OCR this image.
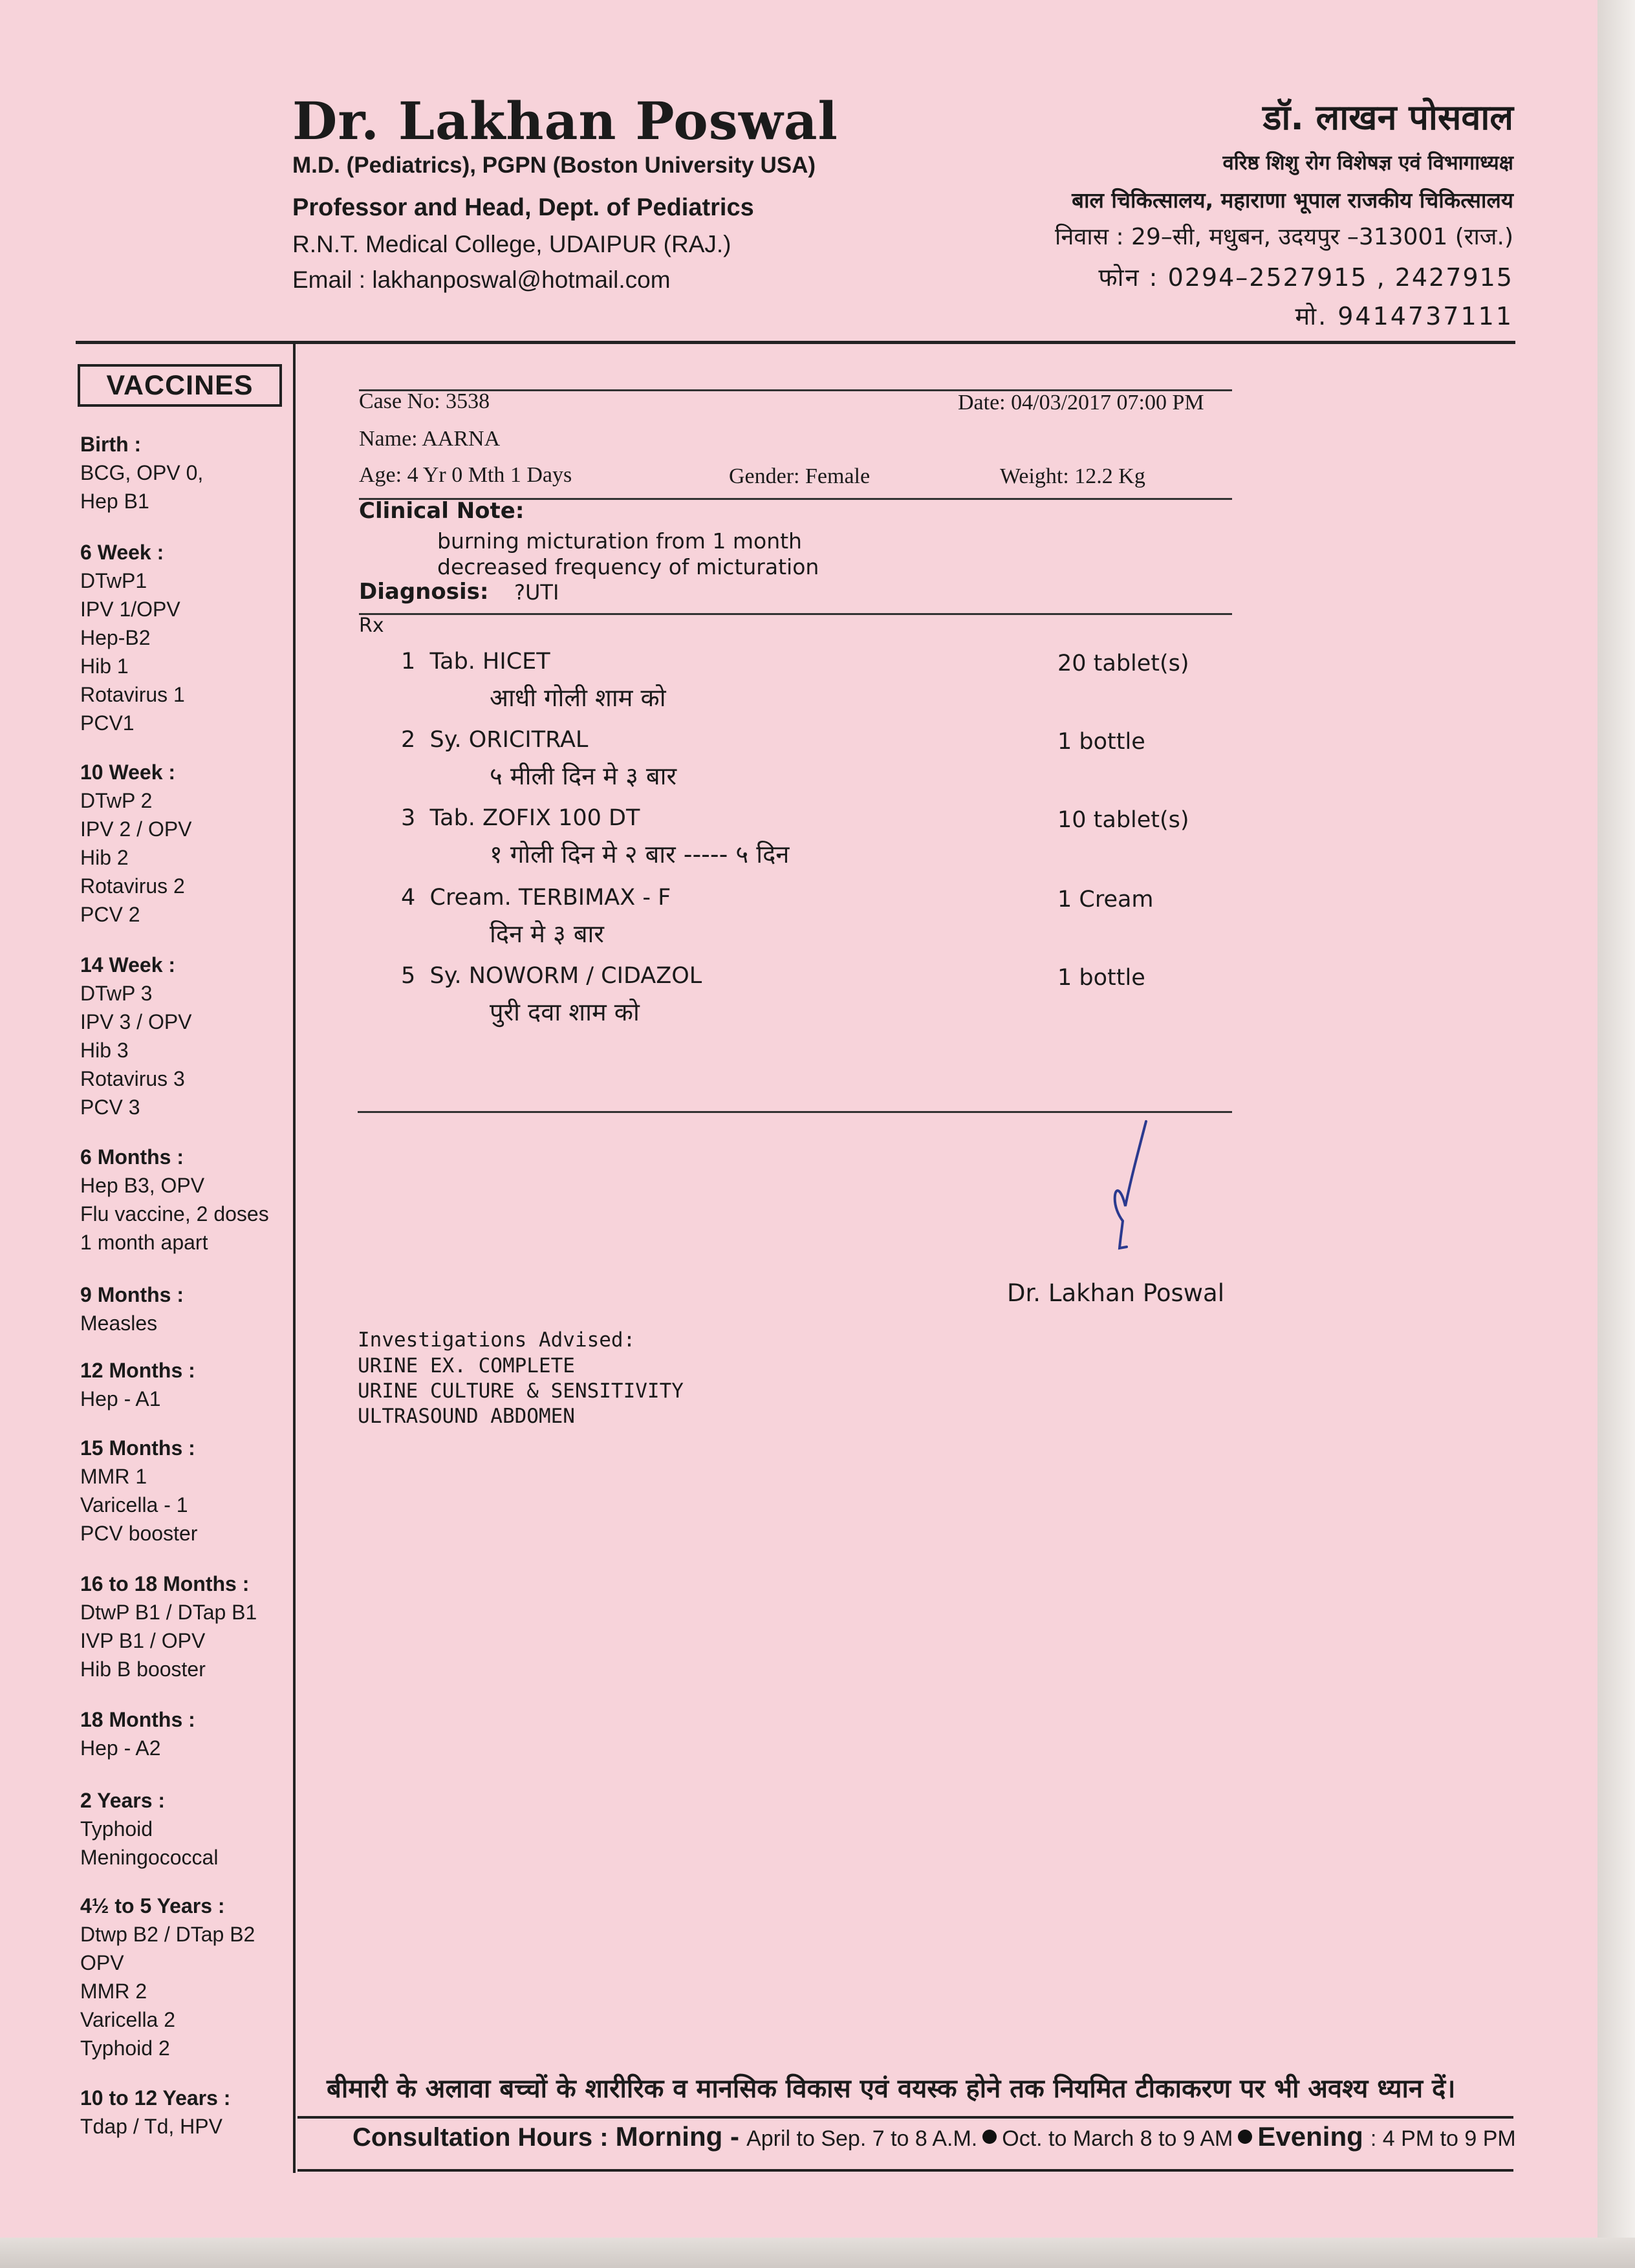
Dr. Lakhan Poswal
M.D. (Pediatrics), PGPN (Boston University USA)
Professor and Head, Dept. of Pediatrics
R.N.T. Medical College, UDAIPUR (RAJ.)
Email : lakhanposwal@hotmail.com
डॉ. लाखन पोसवाल
वरिष्ठ शिशु रोग विशेषज्ञ एवं विभागाध्यक्ष
बाल चिकित्सालय, महाराणा भूपाल राजकीय चिकित्सालय
निवास : 29–सी, मधुबन, उदयपुर –313001 (राज.)
फोन : 0294–2527915 , 2427915
मो. 9414737111
VACCINES
Birth :
BCG, OPV 0,
Hep B1
6 Week :
DTwP1
IPV 1/OPV
Hep-B2
Hib 1
Rotavirus 1
PCV1
10 Week :
DTwP 2
IPV 2 / OPV
Hib 2
Rotavirus 2
PCV 2
14 Week :
DTwP 3
IPV 3 / OPV
Hib 3
Rotavirus 3
PCV 3
6 Months :
Hep B3, OPV
Flu vaccine, 2 doses
1 month apart
9 Months :
Measles
12 Months :
Hep - A1
15 Months :
MMR 1
Varicella - 1
PCV booster
16 to 18 Months :
DtwP B1 / DTap B1
IVP B1 / OPV
Hib B booster
18 Months :
Hep - A2
2 Years :
Typhoid
Meningococcal
4½ to 5 Years :
Dtwp B2 / DTap B2
OPV
MMR 2
Varicella 2
Typhoid 2
10 to 12 Years :
Tdap / Td, HPV
Case No: 3538	Date: 04/03/2017 07:00 PM
Name: AARNA
Age: 4 Yr 0 Mth 1 Days	Gender: Female	Weight: 12.2 Kg
Clinical Note:
burning micturation from 1 month
decreased frequency of micturation
Diagnosis: ?UTI
Rx
1 Tab. HICET	20 tablet(s)
आधी गोली शाम को
2 Sy. ORICITRAL	1 bottle
५ मीली दिन मे ३ बार
3 Tab. ZOFIX 100 DT	10 tablet(s)
१ गोली दिन मे २ बार ----- ५ दिन
4 Cream. TERBIMAX - F	1 Cream
दिन मे ३ बार
5 Sy. NOWORM / CIDAZOL	1 bottle
पुरी दवा शाम को
Dr. Lakhan Poswal
Investigations Advised:
URINE EX. COMPLETE
URINE CULTURE & SENSITIVITY
ULTRASOUND ABDOMEN
बीमारी के अलावा बच्चों के शारीरिक व मानसिक विकास एवं वयस्क होने तक नियमित टीकाकरण पर भी अवश्य ध्यान दें।
Consultation Hours : Morning - April to Sep. 7 to 8 A.M. Oct. to March 8 to 9 AM Evening : 4 PM to 9 PM
